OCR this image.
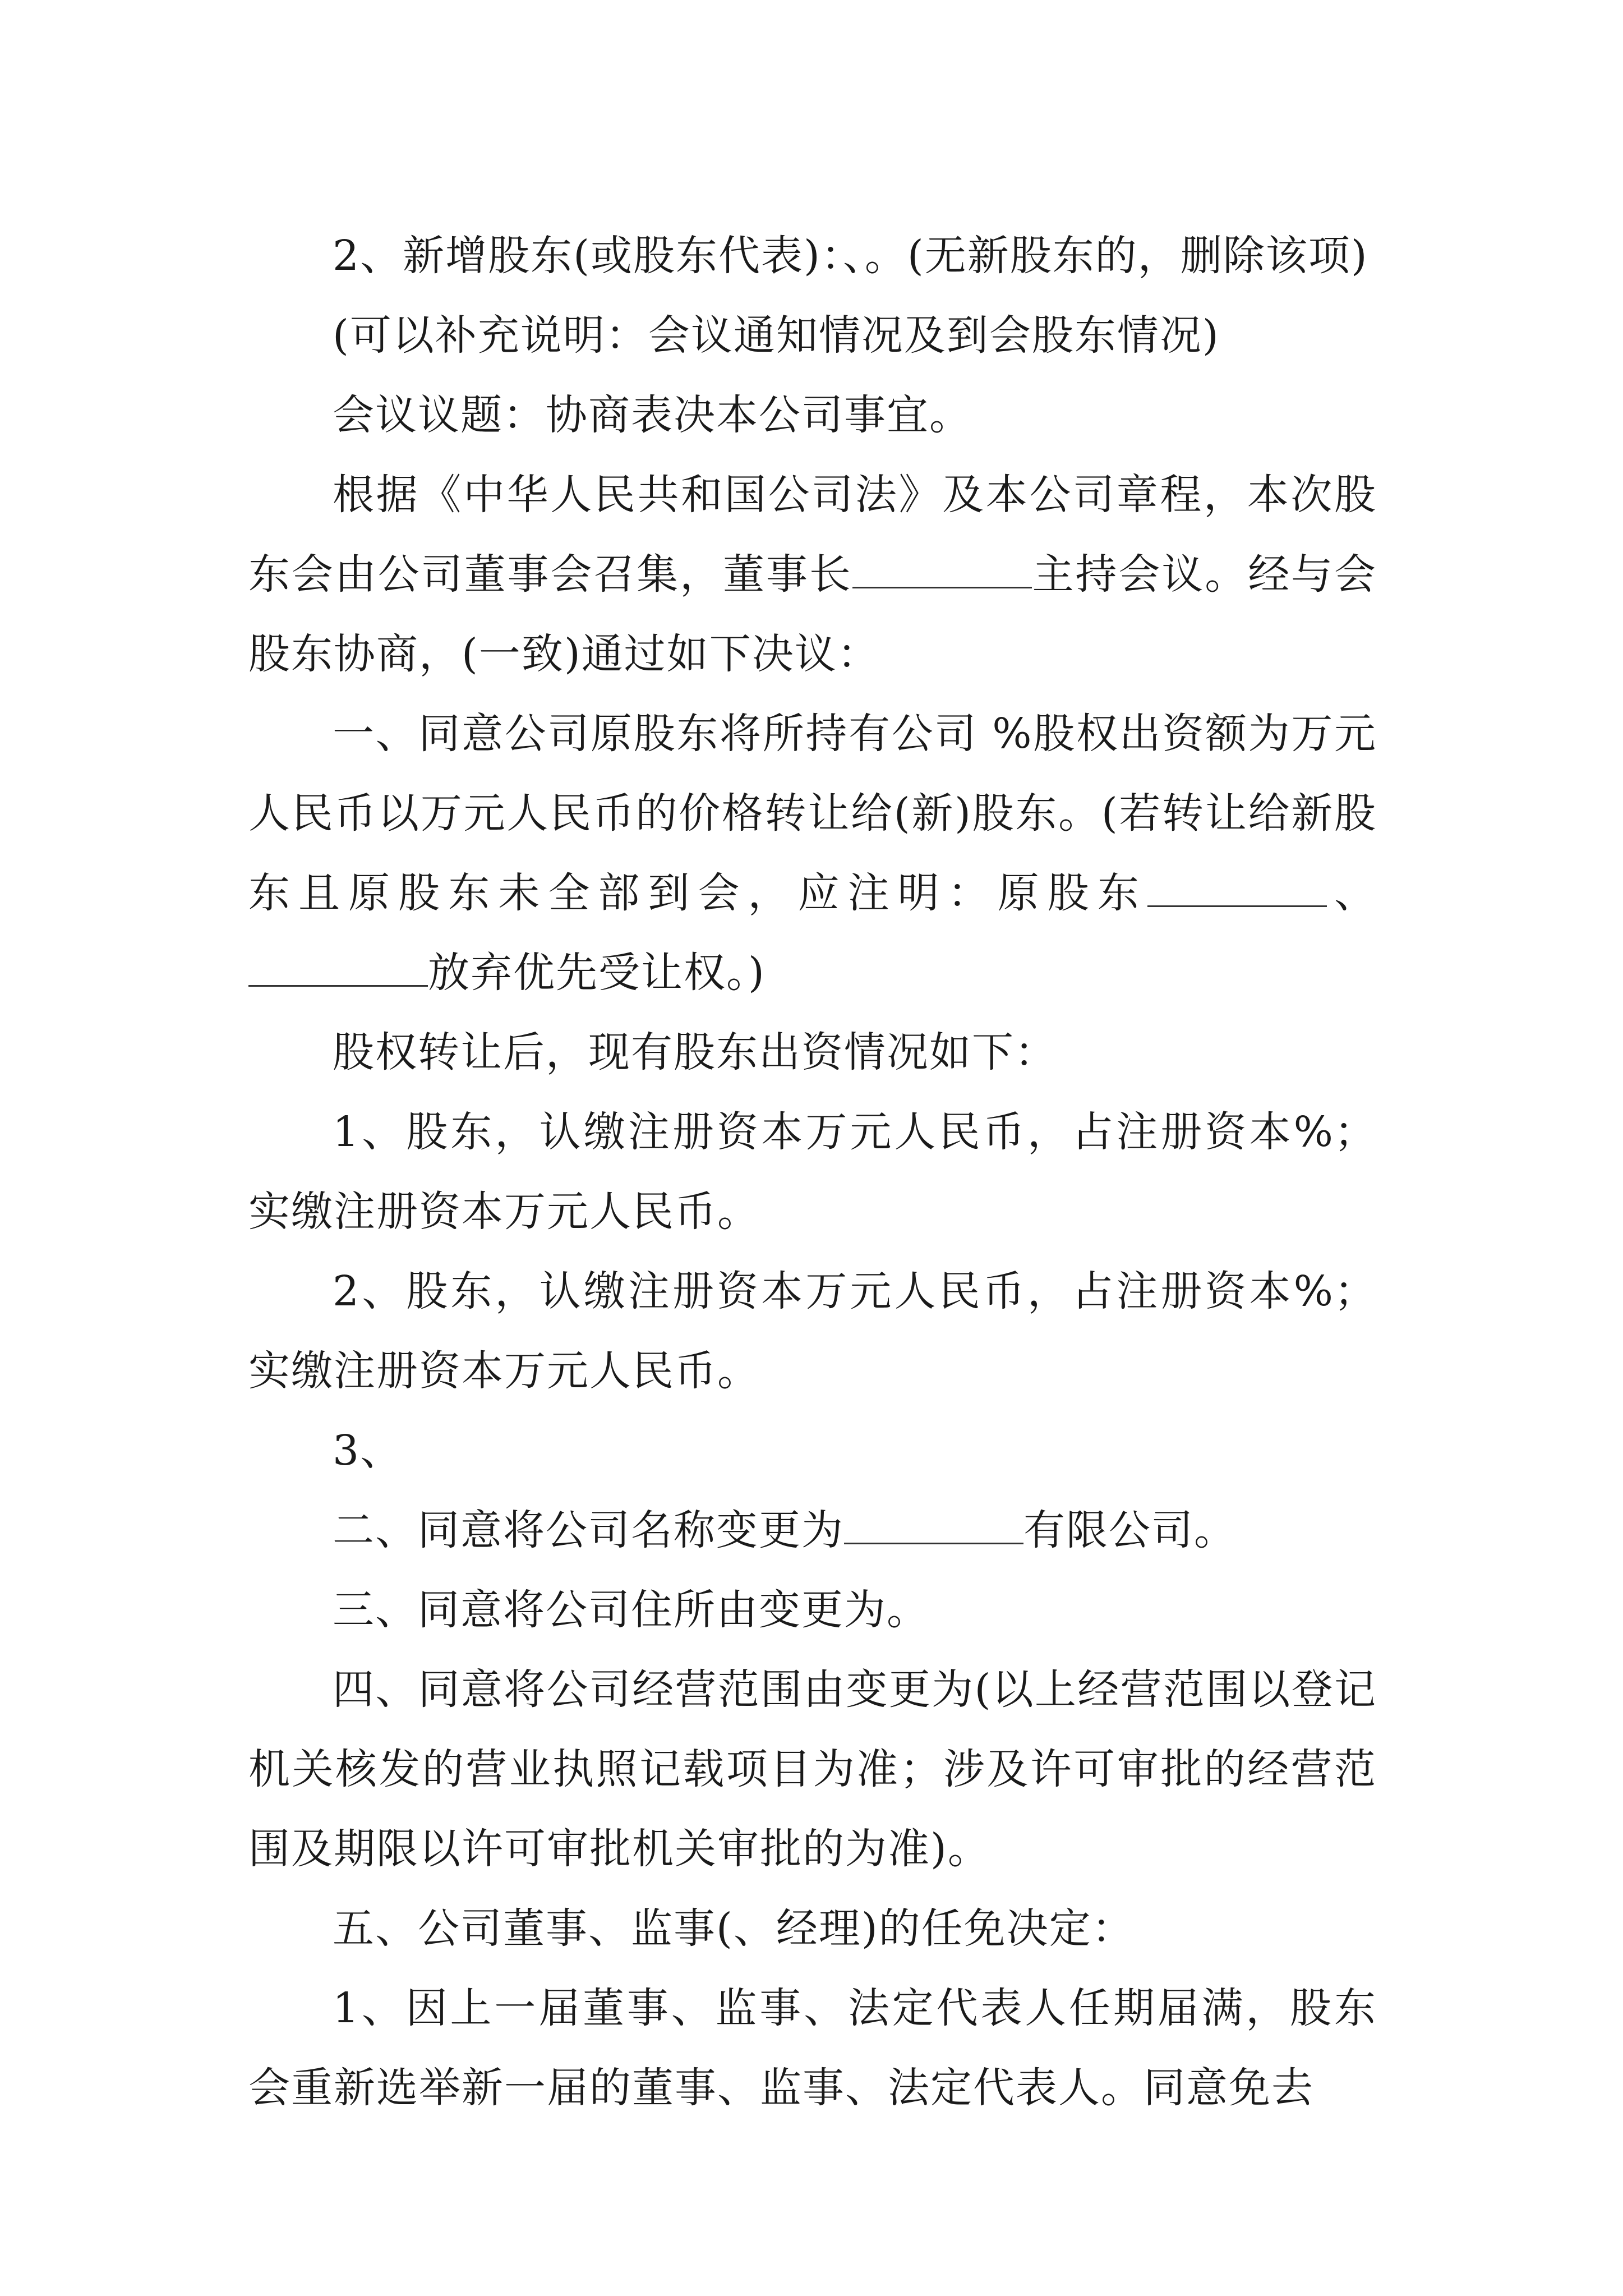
2、新增股东(或股东代表)：、。(无新股东的，删除该项)

(可以补充说明：会议通知情况及到会股东情况)

会议议题：协商表决本公司事宜。

根据《中华人民共和国公司法》及本公司章程，本次股东会由公司董事会召集，董事长	主持会议。经与会股东协商，(一致)通过如下决议：

一、同意公司原股东将所持有公司 %股权出资额为万元人民币以万元人民币的价格转让给(新)股东。(若转让给新股东且原股东未全部到会，应注明：原股东	、放弃优先受让权。)

股权转让后，现有股东出资情况如下：

1、股东，认缴注册资本万元人民币，占注册资本%；实缴注册资本万元人民币。

2、股东，认缴注册资本万元人民币，占注册资本%；实缴注册资本万元人民币。

3、

二、同意将公司名称变更为	有限公司。

三、同意将公司住所由变更为。

四、同意将公司经营范围由变更为(以上经营范围以登记机关核发的营业执照记载项目为准；涉及许可审批的经营范围及期限以许可审批机关审批的为准)。

五、公司董事、监事(、经理)的任免决定：

1、因上一届董事、监事、法定代表人任期届满，股东会重新选举新一届的董事、监事、法定代表人。同意免去
